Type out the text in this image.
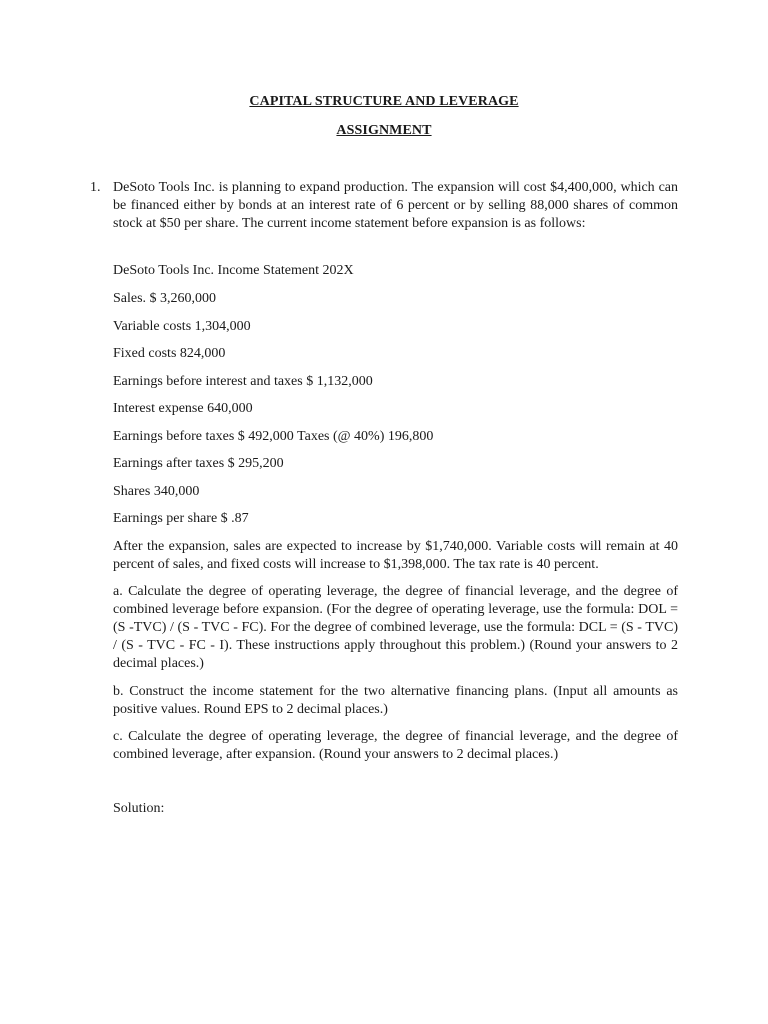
CAPITAL STRUCTURE AND LEVERAGE
ASSIGNMENT
1. DeSoto Tools Inc. is planning to expand production. The expansion will cost $4,400,000, which can be financed either by bonds at an interest rate of 6 percent or by selling 88,000 shares of common stock at $50 per share. The current income statement before expansion is as follows:
DeSoto Tools Inc. Income Statement 202X
Sales. $ 3,260,000
Variable costs 1,304,000
Fixed costs 824,000
Earnings before interest and taxes $ 1,132,000
Interest expense 640,000
Earnings before taxes $ 492,000 Taxes (@ 40%) 196,800
Earnings after taxes $ 295,200
Shares 340,000
Earnings per share $ .87
After the expansion, sales are expected to increase by $1,740,000. Variable costs will remain at 40 percent of sales, and fixed costs will increase to $1,398,000. The tax rate is 40 percent.
a. Calculate the degree of operating leverage, the degree of financial leverage, and the degree of combined leverage before expansion. (For the degree of operating leverage, use the formula: DOL = (S -TVC) / (S - TVC - FC). For the degree of combined leverage, use the formula: DCL = (S - TVC) / (S - TVC - FC - I). These instructions apply throughout this problem.) (Round your answers to 2 decimal places.)
b. Construct the income statement for the two alternative financing plans. (Input all amounts as positive values. Round EPS to 2 decimal places.)
c. Calculate the degree of operating leverage, the degree of financial leverage, and the degree of combined leverage, after expansion. (Round your answers to 2 decimal places.)
Solution:
